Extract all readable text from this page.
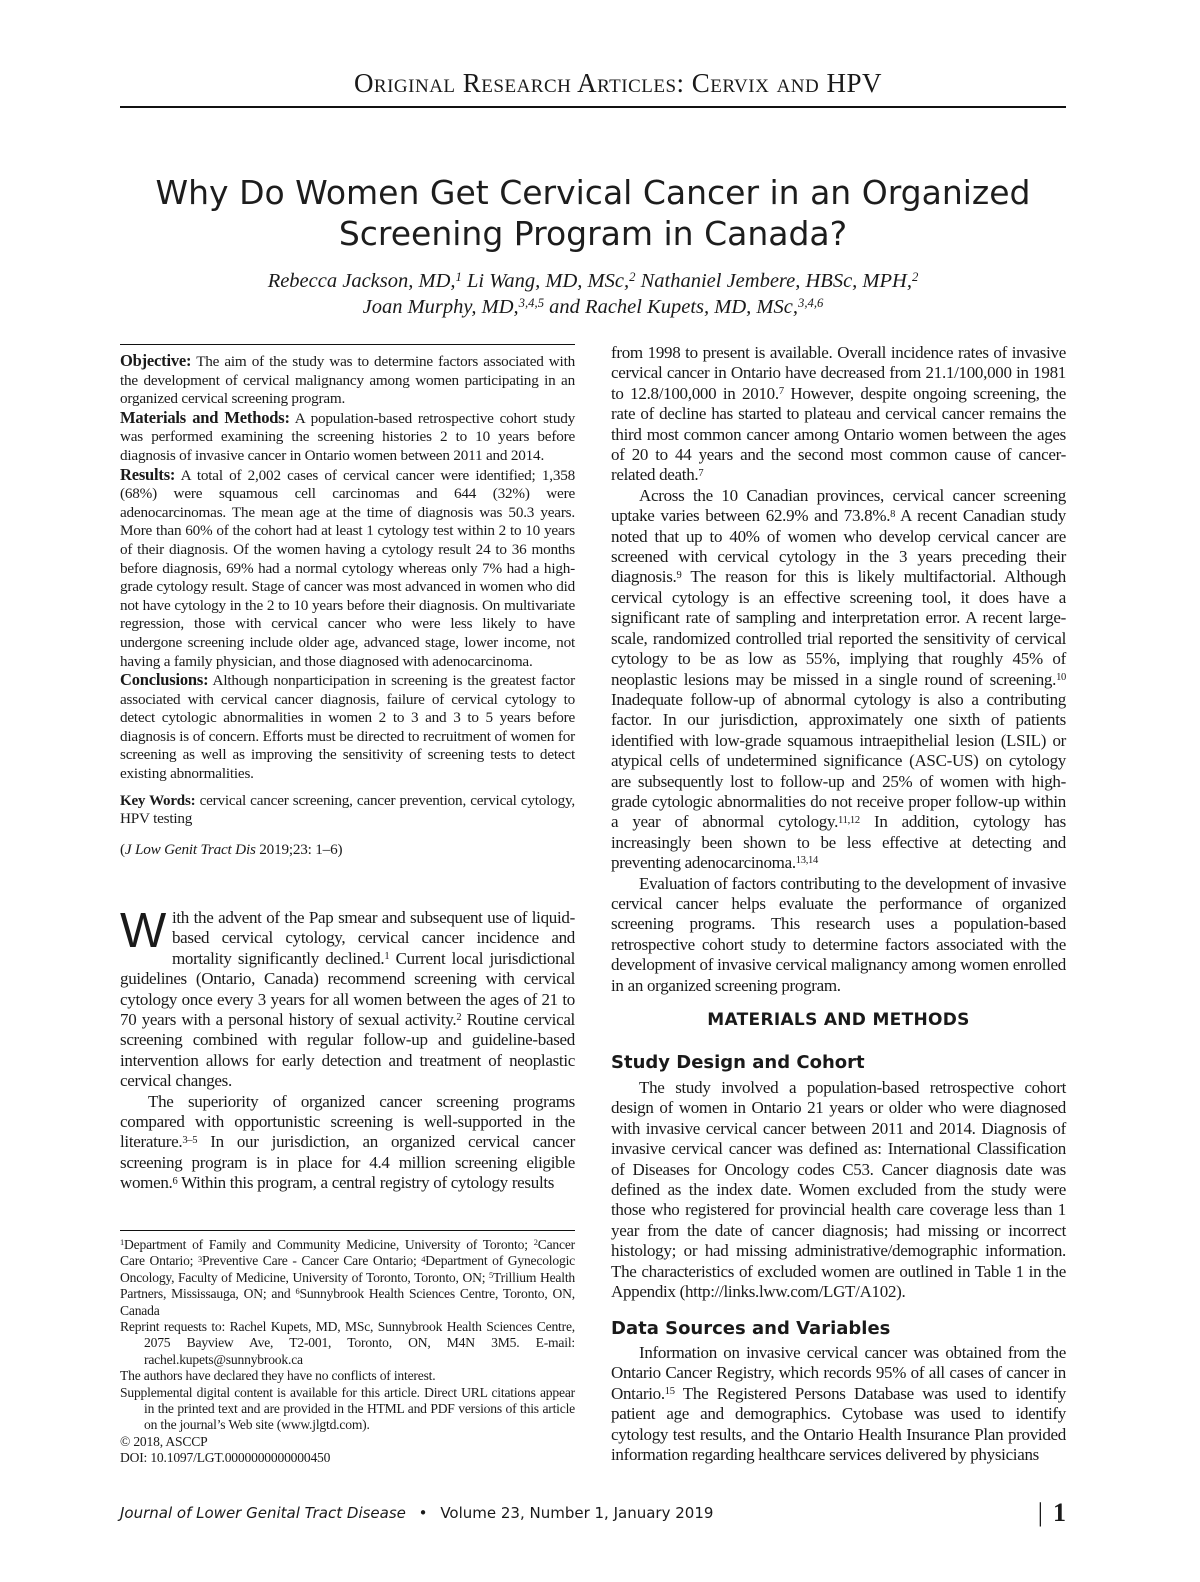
Original Research Articles: Cervix and HPV
Why Do Women Get Cervical Cancer in an Organized
Screening Program in Canada?
Rebecca Jackson, MD,$^1$ Li Wang, MD, MSc,$^2$ Nathaniel Jembere, HBSc, MPH,$^2$
Joan Murphy, MD,$^{3,4,5}$ and Rachel Kupets, MD, MSc,$^{3,4,6}$

Objective: The aim of the study was to determine factors associated with the development of cervical malignancy among women participating in an organized cervical screening program.

Materials and Methods: A population-based retrospective cohort study was performed examining the screening histories 2 to 10 years before diagnosis of invasive cancer in Ontario women between 2011 and 2014.

Results: A total of 2,002 cases of cervical cancer were identified; 1,358 (68%) were squamous cell carcinomas and 644 (32%) were adenocarcinomas. The mean age at the time of diagnosis was 50.3 years. More than 60% of the cohort had at least 1 cytology test within 2 to 10 years of their diagnosis. Of the women having a cytology result 24 to 36 months before diagnosis, 69% had a normal cytology whereas only 7% had a high-grade cytology result. Stage of cancer was most advanced in women who did not have cytology in the 2 to 10 years before their diagnosis. On multivariate regression, those with cervical cancer who were less likely to have undergone screening include older age, advanced stage, lower income, not having a family physician, and those diagnosed with adenocarcinoma.

Conclusions: Although nonparticipation in screening is the greatest factor associated with cervical cancer diagnosis, failure of cervical cytology to detect cytologic abnormalities in women 2 to 3 and 3 to 5 years before diagnosis is of concern. Efforts must be directed to recruitment of women for screening as well as improving the sensitivity of screening tests to detect existing abnormalities.

Key Words: cervical cancer screening, cancer prevention, cervical cytology, HPV testing

(J Low Genit Tract Dis 2019;23: 1–6)

With the advent of the Pap smear and subsequent use of liquid-based cervical cytology, cervical cancer incidence and mortality significantly declined.$^1$ Current local jurisdictional guidelines (Ontario, Canada) recommend screening with cervical cytology once every 3 years for all women between the ages of 21 to 70 years with a personal history of sexual activity.$^2$ Routine cervical screening combined with regular follow-up and guideline-based intervention allows for early detection and treatment of neoplastic cervical changes.

The superiority of organized cancer screening programs compared with opportunistic screening is well-supported in the literature.$^{3-5}$ In our jurisdiction, an organized cervical cancer screening program is in place for 4.4 million screening eligible women.$^6$ Within this program, a central registry of cytology results

$^1$Department of Family and Community Medicine, University of Toronto; $^2$Cancer Care Ontario; $^3$Preventive Care - Cancer Care Ontario; $^4$Department of Gynecologic Oncology, Faculty of Medicine, University of Toronto, Toronto, ON; $^5$Trillium Health Partners, Mississauga, ON; and $^6$Sunnybrook Health Sciences Centre, Toronto, ON, Canada

Reprint requests to: Rachel Kupets, MD, MSc, Sunnybrook Health Sciences Centre, 2075 Bayview Ave, T2-001, Toronto, ON, M4N 3M5. E-mail: rachel.kupets@sunnybrook.ca

The authors have declared they have no conflicts of interest.

Supplemental digital content is available for this article. Direct URL citations appear in the printed text and are provided in the HTML and PDF versions of this article on the journal’s Web site (www.jlgtd.com).

© 2018, ASCCP

DOI: 10.1097/LGT.0000000000000450

from 1998 to present is available. Overall incidence rates of invasive cervical cancer in Ontario have decreased from 21.1/100,000 in 1981 to 12.8/100,000 in 2010.$^7$ However, despite ongoing screening, the rate of decline has started to plateau and cervical cancer remains the third most common cancer among Ontario women between the ages of 20 to 44 years and the second most common cause of cancer-related death.$^7$

Across the 10 Canadian provinces, cervical cancer screening uptake varies between 62.9% and 73.8%.$^8$ A recent Canadian study noted that up to 40% of women who develop cervical cancer are screened with cervical cytology in the 3 years preceding their diagnosis.$^9$ The reason for this is likely multifactorial. Although cervical cytology is an effective screening tool, it does have a significant rate of sampling and interpretation error. A recent large-scale, randomized controlled trial reported the sensitivity of cervical cytology to be as low as 55%, implying that roughly 45% of neoplastic lesions may be missed in a single round of screening.$^{10}$ Inadequate follow-up of abnormal cytology is also a contributing factor. In our jurisdiction, approximately one sixth of patients identified with low-grade squamous intraepithelial lesion (LSIL) or atypical cells of undetermined significance (ASC-US) on cytology are subsequently lost to follow-up and 25% of women with high-grade cytologic abnormalities do not receive proper follow-up within a year of abnormal cytology.$^{11,12}$ In addition, cytology has increasingly been shown to be less effective at detecting and preventing adenocarcinoma.$^{13,14}$

Evaluation of factors contributing to the development of invasive cervical cancer helps evaluate the performance of organized screening programs. This research uses a population-based retrospective cohort study to determine factors associated with the development of invasive cervical malignancy among women enrolled in an organized screening program.

MATERIALS AND METHODS
Study Design and Cohort

The study involved a population-based retrospective cohort design of women in Ontario 21 years or older who were diagnosed with invasive cervical cancer between 2011 and 2014. Diagnosis of invasive cervical cancer was defined as: International Classification of Diseases for Oncology codes C53. Cancer diagnosis date was defined as the index date. Women excluded from the study were those who registered for provincial health care coverage less than 1 year from the date of cancer diagnosis; had missing or incorrect histology; or had missing administrative/demographic information. The characteristics of excluded women are outlined in Table 1 in the Appendix (http://links.lww.com/LGT/A102).

Data Sources and Variables

Information on invasive cervical cancer was obtained from the Ontario Cancer Registry, which records 95% of all cases of cancer in Ontario.$^{15}$ The Registered Persons Database was used to identify patient age and demographics. Cytobase was used to identify cytology test results, and the Ontario Health Insurance Plan provided information regarding healthcare services delivered by physicians

Journal of Lower Genital Tract Disease • Volume 23, Number 1, January 2019	| 1
